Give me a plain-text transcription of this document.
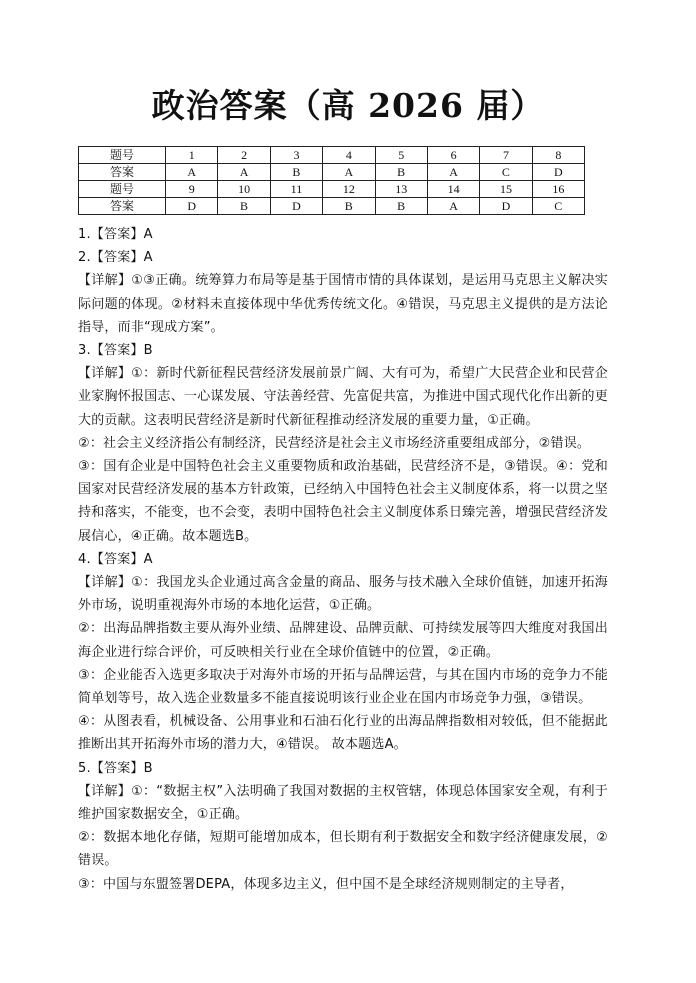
政治答案（高 2026 届）
题号	1	2	3	4	5	6	7	8
答案	A	A	B	A	B	A	C	D
题号	9	10	11	12	13	14	15	16
答案	D	B	D	B	B	A	D	C

1.【答案】A

2.【答案】A

【详解】①③正确。统筹算力布局等是基于国情市情的具体谋划，是运用马克思主义解决实际问题的体现。②材料未直接体现中华优秀传统文化。④错误，马克思主义提供的是方法论指导，而非“现成方案”。

3.【答案】B

【详解】①：新时代新征程民营经济发展前景广阔、大有可为，希望广大民营企业和民营企业家胸怀报国志、一心谋发展、守法善经营、先富促共富，为推进中国式现代化作出新的更大的贡献。这表明民营经济是新时代新征程推动经济发展的重要力量，①正确。

②：社会主义经济指公有制经济，民营经济是社会主义市场经济重要组成部分，②错误。

③：国有企业是中国特色社会主义重要物质和政治基础，民营经济不是，③错误。④：党和国家对民营经济发展的基本方针政策，已经纳入中国特色社会主义制度体系，将一以贯之坚持和落实，不能变，也不会变，表明中国特色社会主义制度体系日臻完善，增强民营经济发展信心，④正确。故本题选B。

4.【答案】A

【详解】①：我国龙头企业通过高含金量的商品、服务与技术融入全球价值链，加速开拓海外市场，说明重视海外市场的本地化运营，①正确。

②：出海品牌指数主要从海外业绩、品牌建设、品牌贡献、可持续发展等四大维度对我国出海企业进行综合评价，可反映相关行业在全球价值链中的位置，②正确。

③：企业能否入选更多取决于对海外市场的开拓与品牌运营，与其在国内市场的竞争力不能简单划等号，故入选企业数量多不能直接说明该行业企业在国内市场竞争力强，③错误。

④：从图表看，机械设备、公用事业和石油石化行业的出海品牌指数相对较低，但不能据此推断出其开拓海外市场的潜力大，④错误。 故本题选A。

5.【答案】B

【详解】①：“数据主权”入法明确了我国对数据的主权管辖，体现总体国家安全观，有利于维护国家数据安全，①正确。

②：数据本地化存储，短期可能增加成本，但长期有利于数据安全和数字经济健康发展，②错误。

③：中国与东盟签署DEPA，体现多边主义，但中国不是全球经济规则制定的主导者，
